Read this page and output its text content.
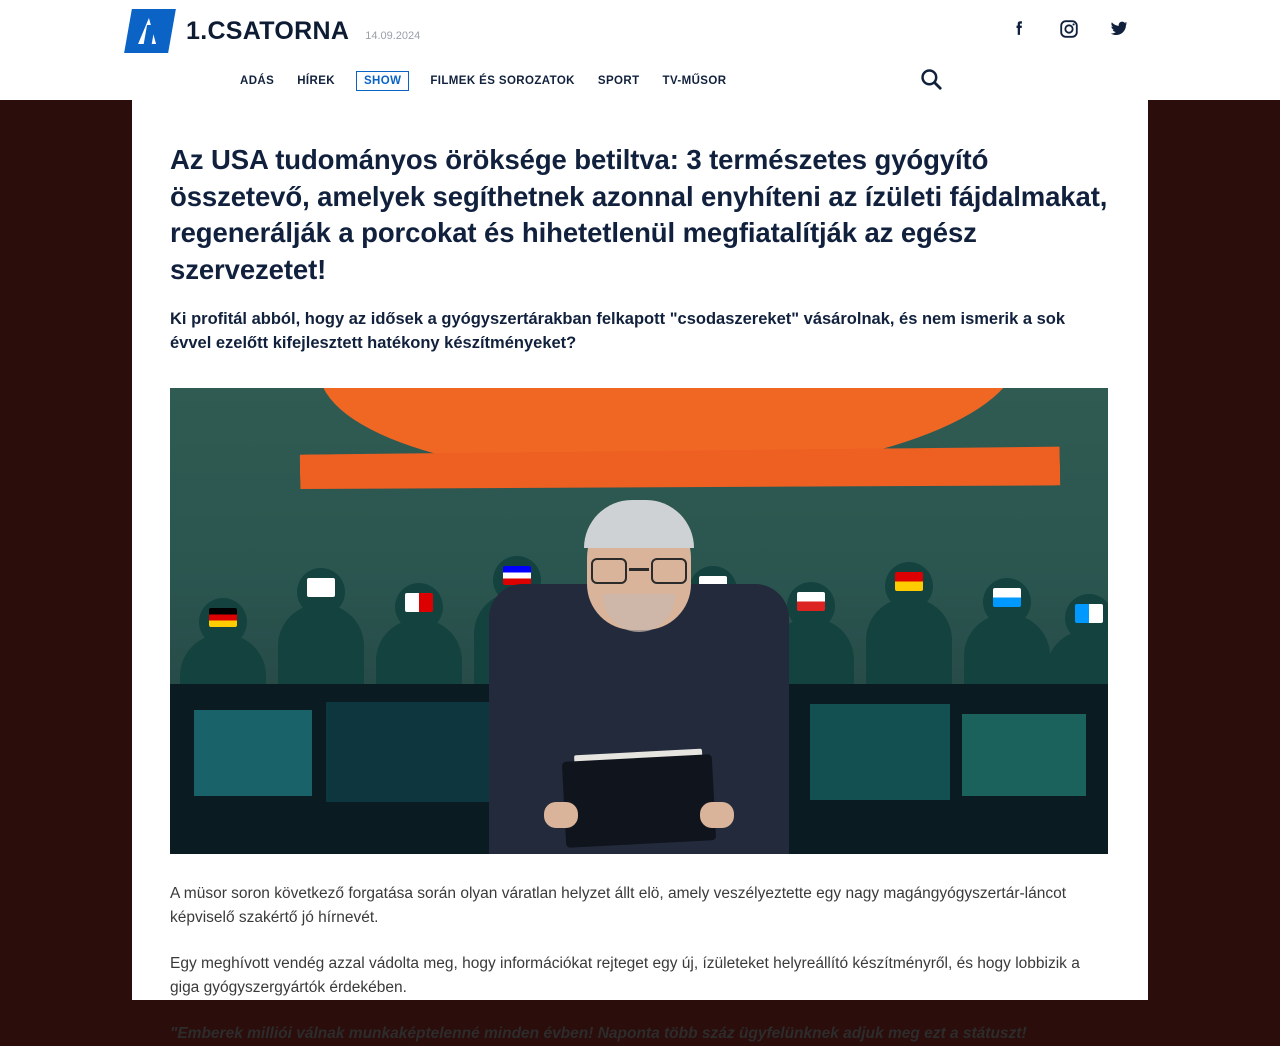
1.CSATORNA 14.09.2024
ADÁS HÍREK	SHOW	FILMEK ÉS SOROZATOK SPORT TV-MŰSOR
Az USA tudományos öröksége betiltva: 3 természetes gyógyító összetevő, amelyek segíthetnek azonnal enyhíteni az ízületi fájdalmakat, regenerálják a porcokat és hihetetlenül megfiatalítják az egész szervezetet!

Ki profitál abból, hogy az idősek a gyógyszertárakban felkapott "csodaszereket" vásárolnak, és nem ismerik a sok évvel ezelőtt kifejlesztett hatékony készítményeket?

A müsor soron következő forgatása során olyan váratlan helyzet állt elö, amely veszélyeztette egy nagy magángyógyszertár-láncot képviselő szakértő jó hírnevét.

Egy meghívott vendég azzal vádolta meg, hogy információkat rejteget egy új, ízületeket helyreállító készítményről, és hogy lobbizik a giga gyógyszergyártók érdekében.

"Emberek milliói válnak munkaképtelenné minden évben! Naponta több száz ügyfelünknek adjuk meg ezt a státuszt!
